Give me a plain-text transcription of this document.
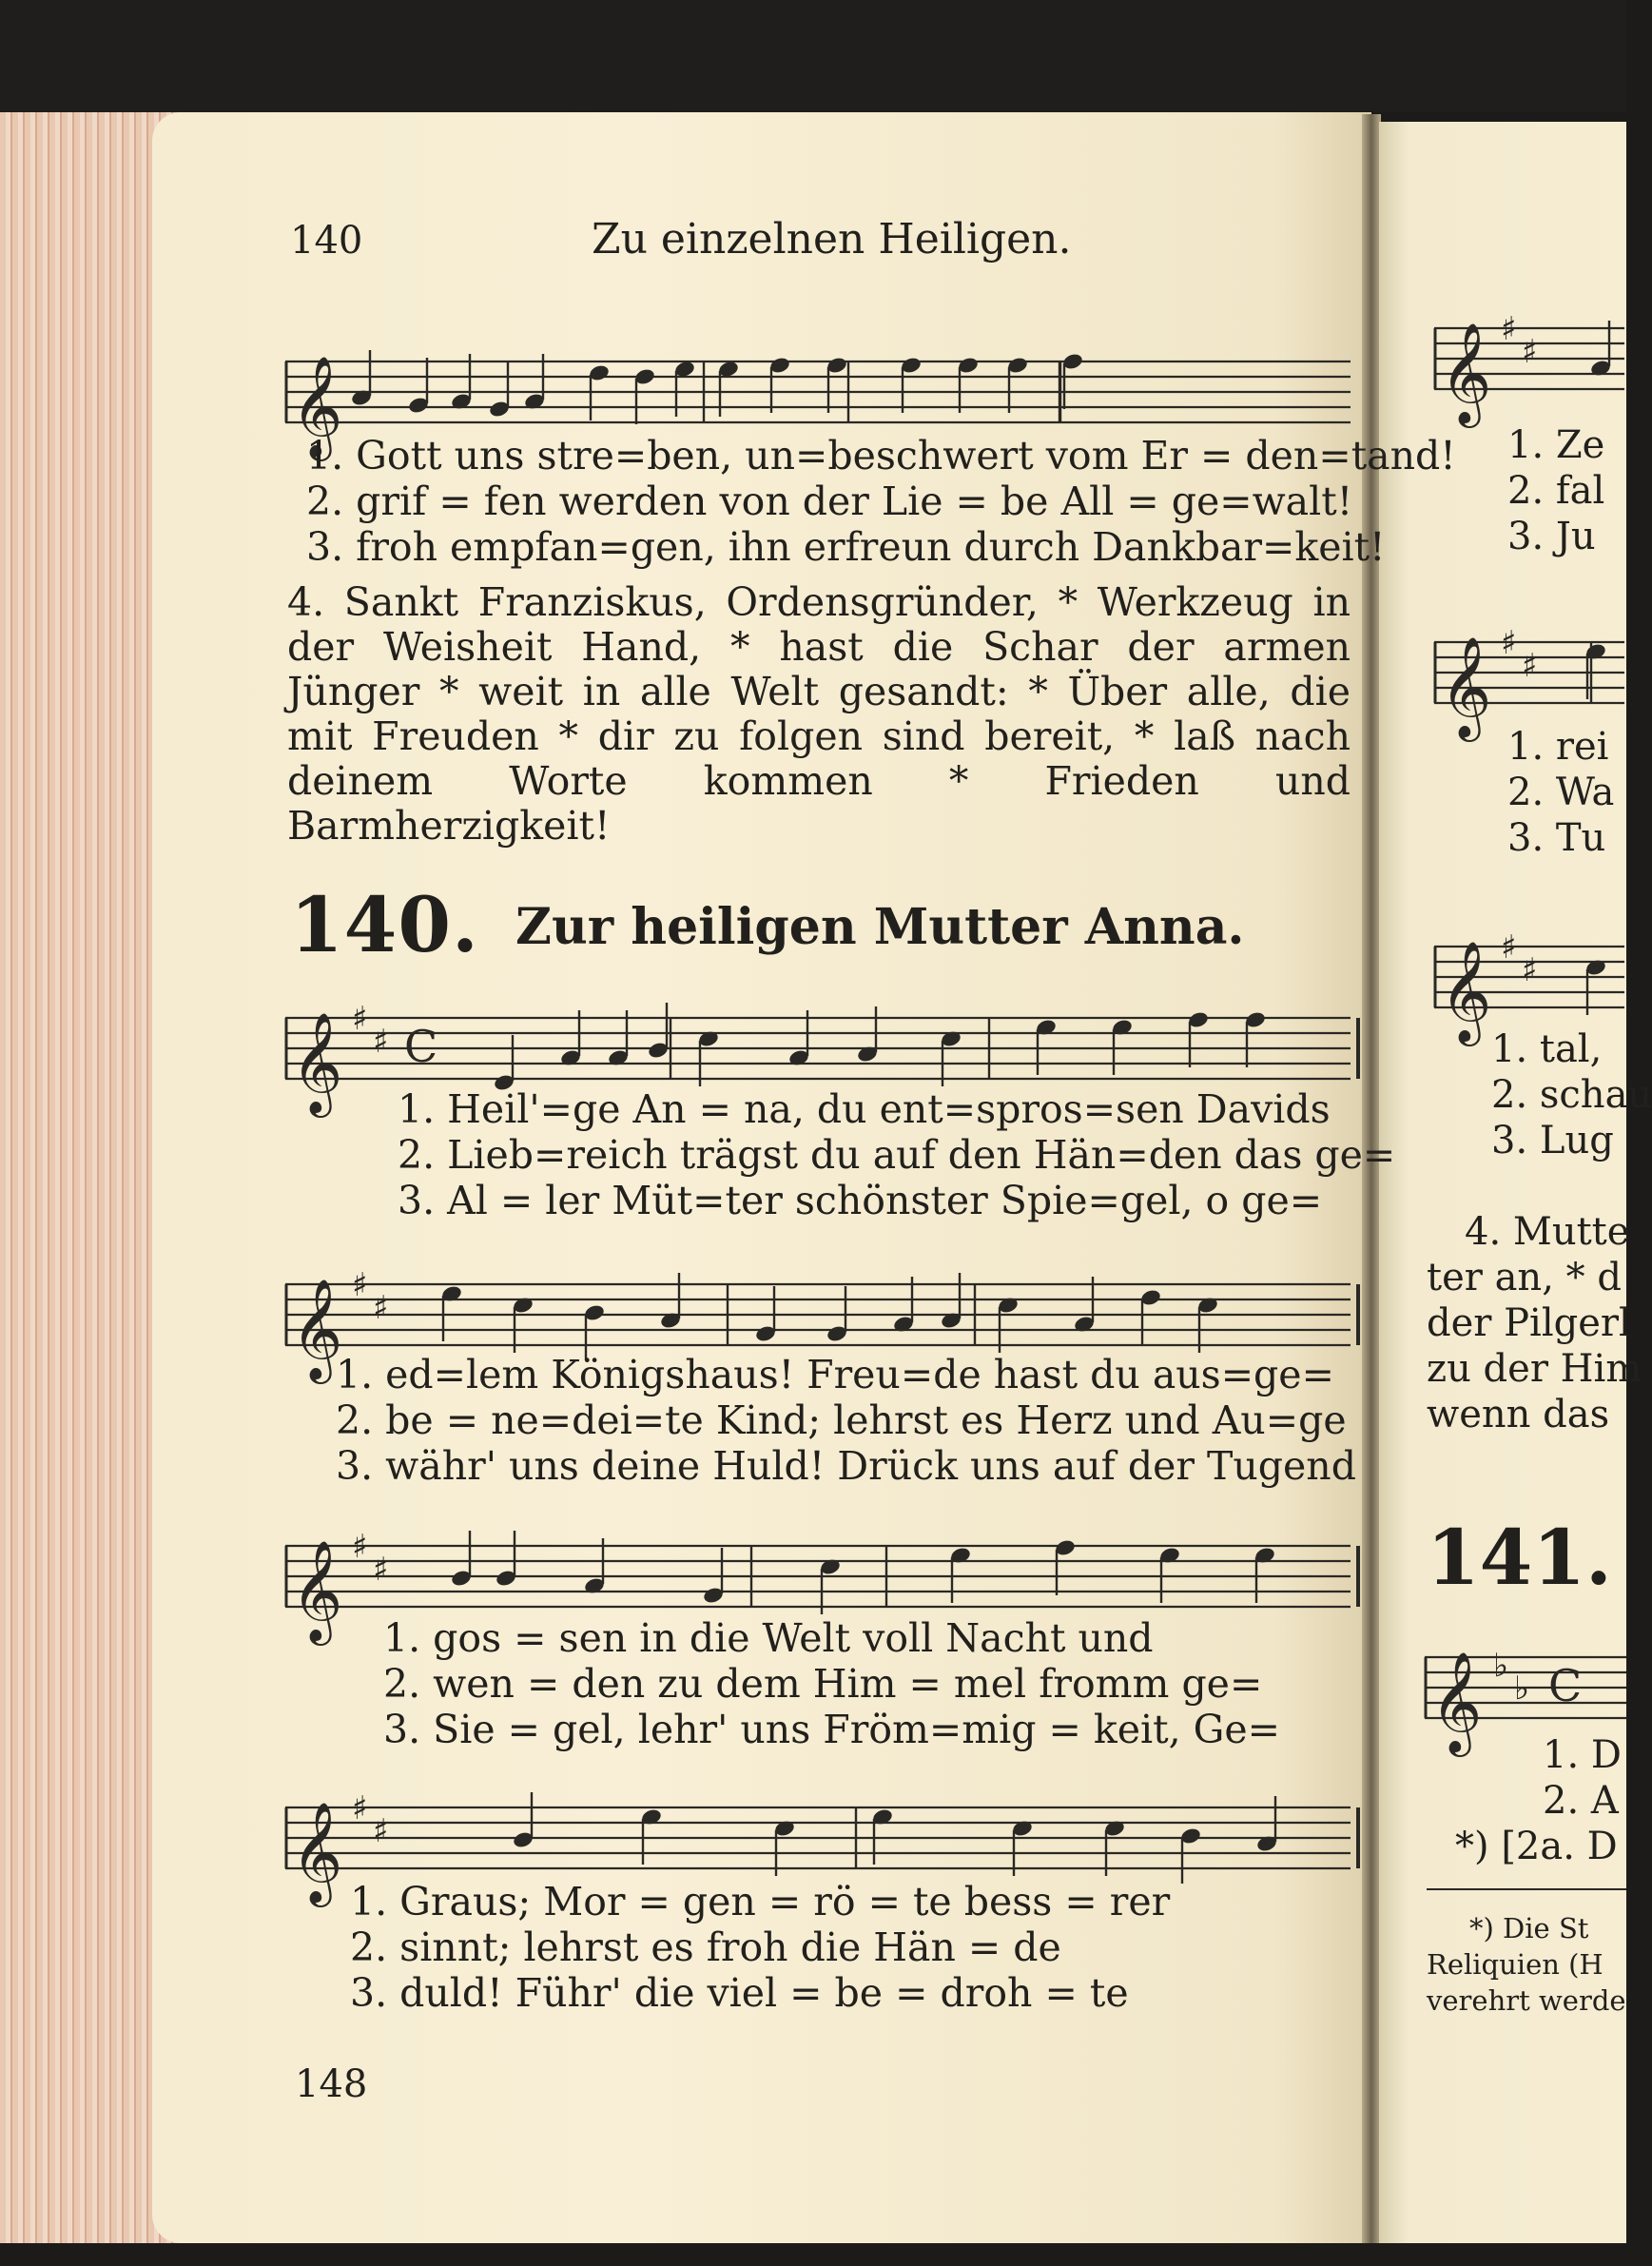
140	Zu einzelnen Heiligen.
𝄞
1. Gott uns stre=ben, un=beschwert vom Er = den=tand!
2. grif = fen werden von der Lie = be All = ge=walt!
3. froh empfan=gen, ihn erfreun durch Dankbar=keit!
4. Sankt Franziskus, Ordensgründer, * Werkzeug in der Weisheit Hand, * hast die Schar der armen Jünger * weit in alle Welt gesandt: * Über alle, die mit Freuden * dir zu folgen sind bereit, * laß nach deinem Worte kommen * Frieden und Barmherzigkeit!
140. Zur heiligen Mutter Anna.
𝄞 ♯
♯ C
1. Heil'=ge An = na, du ent=spros=sen Davids
2. Lieb=reich trägst du auf den Hän=den das ge=
3. Al = ler Müt=ter schönster Spie=gel, o ge=
𝄞 ♯
♯
1. ed=lem Königshaus! Freu=de hast du aus=ge=
2. be = ne=dei=te Kind; lehrst es Herz und Au=ge
3. währ' uns deine Huld! Drück uns auf der Tugend
𝄞 ♯
♯
1. gos = sen in die Welt voll Nacht und
2. wen = den zu dem Him = mel fromm ge=
3. Sie = gel, lehr' uns Fröm=mig = keit, Ge=
𝄞 ♯
♯
1. Graus; Mor = gen = rö = te bess = rer
2. sinnt; lehrst es froh die Hän = de
3. duld! Führ' die viel = be = droh = te
148
𝄞 ♯
♯
1. Ze
2. fal
3. Ju
𝄞 ♯
♯
1. rei
2. Wa
3. Tu
𝄞 ♯
♯
1. tal,
2. schau
3. Lug
4. Mutte
ter an, * d
der Pilgerl
zu der Him
wenn das
141.
𝄞 ♭
♭ C
1. D
2. A
*) [2a. D
*) Die St
Reliquien (H
verehrt werde
